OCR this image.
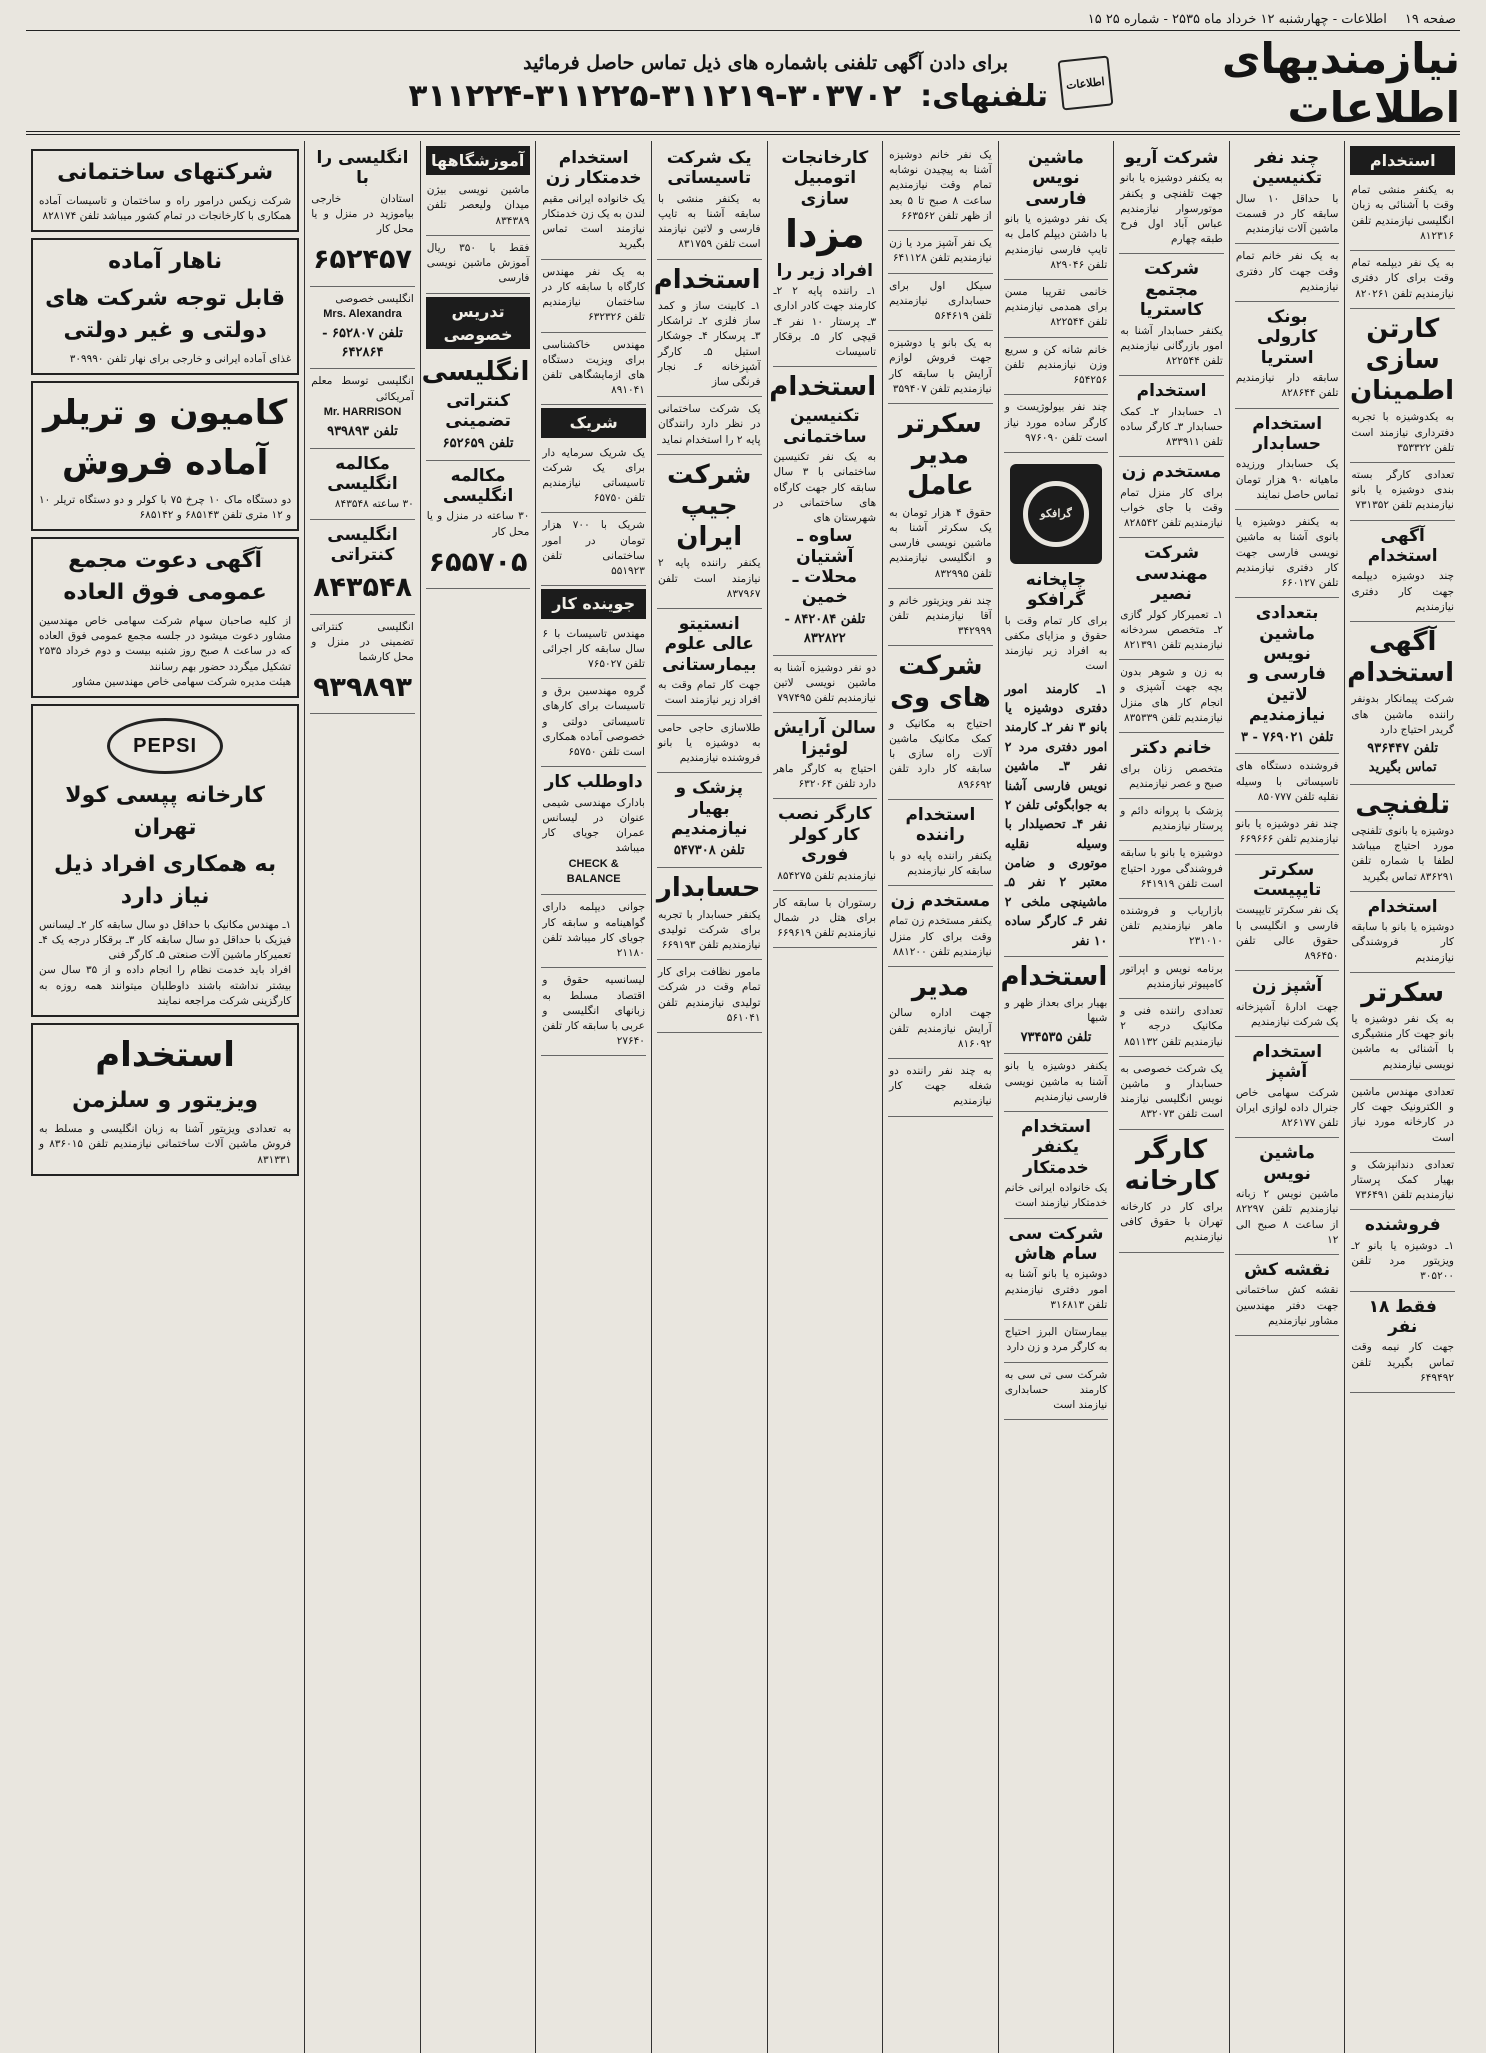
صفحه ۱۹
اطلاعات - چهارشنبه ۱۲ خرداد ماه ۲۵۳۵ - شماره ۲۵ ۱۵
نیازمندیهای اطلاعات
اطلاعات
برای دادن آگهی تلفنی باشماره های ذیل تماس حاصل فرمائید
تلفنهای: ۳۰۳۷۰۲-۳۱۱۲۱۹-۳۱۱۲۲۵-۳۱۱۲۲۴
استخدام

به یکنفر منشی تمام وقت با آشنائی به زبان انگلیسی نیازمندیم تلفن ۸۱۲۳۱۶

به یک نفر دیپلمه تمام وقت برای کار دفتری نیازمندیم تلفن ۸۲۰۲۶۱

کارتن سازی اطمینان

به یکدوشیزه با تجربه دفترداری نیازمند است تلفن ۳۵۳۳۲۲

تعدادی کارگر بسته بندی دوشیزه یا بانو نیازمندیم تلفن ۷۳۱۳۵۲

آگهی استخدام

چند دوشیزه دیپلمه جهت کار دفتری نیازمندیم

آگهی استخدام

شرکت پیمانکار بدونفر راننده ماشین های گریدر احتیاج دارد

تلفن ۹۳۶۴۴۷ تماس بگیرید
تلفنچی

دوشیزه یا بانوی تلفنچی مورد احتیاج میباشد لطفا با شماره تلفن ۸۳۶۲۹۱ تماس بگیرید

استخدام

دوشیزه یا بانو با سابقه کار فروشندگی نیازمندیم

سکرتر

به یک نفر دوشیزه یا بانو جهت کار منشیگری با آشنائی به ماشین نویسی نیازمندیم

تعدادی مهندس ماشین و الکترونیک جهت کار در کارخانه مورد نیاز است

تعدادی دندانپزشک و بهیار کمک پرستار نیازمندیم تلفن ۷۳۶۴۹۱

فروشنده

۱ـ دوشیزه یا بانو ۲ـ ویزیتور مرد تلفن ۳۰۵۲۰۰

فقط ۱۸ نفر

جهت کار نیمه وقت تماس بگیرید تلفن ۶۴۹۴۹۲

چند نفر تکنیسین

با حداقل ۱۰ سال سابقه کار در قسمت ماشین آلات نیازمندیم

به یک نفر خانم تمام وقت جهت کار دفتری نیازمندیم

بونک کارولی استریا

سابقه دار نیازمندیم تلفن ۸۲۸۶۴۴

استخدام حسابدار

یک حسابدار ورزیده ماهیانه ۹۰ هزار تومان تماس حاصل نمایند

به یکنفر دوشیزه یا بانوی آشنا به ماشین نویسی فارسی جهت کار دفتری نیازمندیم تلفن ۶۶۰۱۲۷

بتعدادی ماشین نویس فارسی و لاتین نیازمندیم
تلفن ۷۶۹۰۲۱ - ۳

فروشنده دستگاه های تاسیساتی با وسیله نقلیه تلفن ۸۵۰۷۷۷

چند نفر دوشیزه یا بانو نیازمندیم تلفن ۶۶۹۶۶۶

سکرتر تایپیست

یک نفر سکرتر تایپیست فارسی و انگلیسی با حقوق عالی تلفن ۸۹۶۴۵۰

آشپز زن

جهت ادارهٔ آشپزخانه یک شرکت نیازمندیم

استخدام آشپز

شرکت سهامی خاص جنرال داده لوازی ایران تلفن ۸۲۶۱۷۷

ماشین نویس

ماشین نویس ۲ زبانه نیازمندیم تلفن ۸۲۲۹۷ از ساعت ۸ صبح الی ۱۲

نقشه کش

نقشه کش ساختمانی جهت دفتر مهندسین مشاور نیازمندیم

شرکت آریو

به یکنفر دوشیزه یا بانو جهت تلفنچی و یکنفر موتورسوار نیازمندیم عباس آباد اول فرح طبقه چهارم

شرکت مجتمع کاستریا

یکنفر حسابدار آشنا به امور بازرگانی نیازمندیم تلفن ۸۲۲۵۴۴

استخدام

۱ـ حسابدار ۲ـ کمک حسابدار ۳ـ کارگر ساده تلفن ۸۳۳۹۱۱

مستخدم زن

برای کار منزل تمام وقت با جای خواب نیازمندیم تلفن ۸۲۸۵۴۲

شرکت مهندسی نصیر

۱ـ تعمیرکار کولر گازی ۲ـ متخصص سردخانه نیازمندیم تلفن ۸۲۱۳۹۱

به زن و شوهر بدون بچه جهت آشپزی و انجام کار های منزل نیازمندیم تلفن ۸۳۵۳۳۹

خانم دکتر

متخصص زنان برای صبح و عصر نیازمندیم

پزشک با پروانه دائم و پرستار نیازمندیم

دوشیزه یا بانو با سابقه فروشندگی مورد احتیاج است تلفن ۶۴۱۹۱۹

بازاریاب و فروشنده ماهر نیازمندیم تلفن ۲۳۱۰۱۰

برنامه نویس و اپراتور کامپیوتر نیازمندیم

تعدادی راننده فنی و مکانیک درجه ۲ نیازمندیم تلفن ۸۵۱۱۳۲

یک شرکت خصوصی به حسابدار و ماشین نویس انگلیسی نیازمند است تلفن ۸۳۲۰۷۳

کارگر کارخانه

برای کار در کارخانه تهران با حقوق کافی نیازمندیم

ماشین نویس فارسی

یک نفر دوشیزه یا بانو با داشتن دیپلم کامل به تایپ فارسی نیازمندیم تلفن ۸۲۹۰۴۶

خانمی تقریبا مسن برای همدمی نیازمندیم تلفن ۸۲۲۵۴۴

خانم شانه کن و سریع وزن نیازمندیم تلفن ۶۵۴۲۵۶

چند نفر بیولوژیست و کارگر ساده مورد نیاز است تلفن ۹۷۶۰۹۰

گرافکو
چاپخانه گرافکو

برای کار تمام وقت با حقوق و مزایای مکفی به افراد زیر نیازمند است

۱ـ کارمند امور دفتری دوشیزه یا بانو ۳ نفر ۲ـ کارمند امور دفتری مرد ۲ نفر ۳ـ ماشین نویس فارسی آشنا به جوابگوئی تلفن ۲ نفر ۴ـ تحصیلدار با وسیله نقلیه موتوری و ضامن معتبر ۲ نفر ۵ـ ماشینچی ملخی ۲ نفر ۶ـ کارگر ساده ۱۰ نفر

استخدام

بهیار برای بعداز ظهر و شبها

تلفن ۷۳۴۵۳۵

یکنفر دوشیزه یا بانو آشنا به ماشین نویسی فارسی نیازمندیم

استخدام یکنفر خدمتکار

یک خانواده ایرانی خانم خدمتکار نیازمند است

شرکت سی سام هاش

دوشیزه یا بانو آشنا به امور دفتری نیازمندیم تلفن ۳۱۶۸۱۳

بیمارستان البرز احتیاج به کارگر مرد و زن دارد

شرکت سی تی سی به کارمند حسابداری نیازمند است

یک نفر خانم دوشیزه آشنا به پیچیدن نوشابه تمام وقت نیازمندیم ساعت ۸ صبح تا ۵ بعد از ظهر تلفن ۶۶۳۵۶۲

یک نفر آشپز مرد یا زن نیازمندیم تلفن ۶۴۱۱۲۸

سیکل اول برای حسابداری نیازمندیم تلفن ۵۶۴۶۱۹

به یک بانو یا دوشیزه جهت فروش لوازم آرایش با سابقه کار نیازمندیم تلفن ۳۵۹۴۰۷

سکرتر مدیر عامل

حقوق ۴ هزار تومان به یک سکرتر آشنا به ماشین نویسی فارسی و انگلیسی نیازمندیم تلفن ۸۳۲۹۹۵

چند نفر ویزیتور خانم و آقا نیازمندیم تلفن ۳۴۲۹۹۹

شرکت های وی

احتیاج به مکانیک و کمک مکانیک ماشین آلات راه سازی با سابقه کار دارد تلفن ۸۹۶۶۹۲

استخدام راننده

یکنفر راننده پایه دو با سابقه کار نیازمندیم

مستخدم زن

یکنفر مستخدم زن تمام وقت برای کار منزل نیازمندیم تلفن ۸۸۱۲۰۰

مدیر

جهت اداره سالن آرایش نیازمندیم تلفن ۸۱۶۰۹۲

به چند نفر راننده دو شغله جهت کار نیازمندیم

کارخانجات اتومبیل سازی
مزدا
افراد زیر را

۱ـ راننده پایه ۲ ۲ـ کارمند جهت کادر اداری ۳ـ پرستار ۱۰ نفر ۴ـ قیچی کار ۵ـ برقکار تاسیسات

استخدام
تکنیسین ساختمانی

به یک نفر تکنیسین ساختمانی با ۳ سال سابقه کار جهت کارگاه های ساختمانی در شهرستان های

ساوه ـ آشتیان محلات ـ خمین
تلفن ۸۴۲۰۸۴ - ۸۳۲۸۲۲

دو نفر دوشیزه آشنا به ماشین نویسی لاتین نیازمندیم تلفن ۷۹۷۴۹۵

سالن آرایش لوئیزا

احتیاج به کارگر ماهر دارد تلفن ۶۳۲۰۶۴

کارگر نصب کار کولر فوری

نیازمندیم تلفن ۸۵۴۲۷۵

رستوران با سابقه کار برای هتل در شمال نیازمندیم تلفن ۶۶۹۶۱۹

یک شرکت تاسیساتی

به یکنفر منشی با سابقه آشنا به تایپ فارسی و لاتین نیازمند است تلفن ۸۳۱۷۵۹

استخدام

۱ـ کابینت ساز و کمد ساز فلزی ۲ـ تراشکار ۳ـ پرسکار ۴ـ جوشکار استیل ۵ـ کارگر آشپزخانه ۶ـ نجار فرنگی ساز

یک شرکت ساختمانی در نظر دارد رانندگان پایه ۲ را استخدام نماید

شرکت جیپ ایران

یکنفر راننده پایه ۲ نیازمند است تلفن ۸۳۷۹۶۷

انستیتو عالی علوم بیمارستانی

جهت کار تمام وقت به افراد زیر نیازمند است

طلاسازی حاجی حامی به دوشیزه یا بانو فروشنده نیازمندیم

پزشک و بهیار نیازمندیم
تلفن ۵۴۷۳۰۸
حسابدار

یکنفر حسابدار با تجربه برای شرکت تولیدی نیازمندیم تلفن ۶۶۹۱۹۳

مامور نظافت برای کار تمام وقت در شرکت تولیدی نیازمندیم تلفن ۵۶۱۰۴۱

استخدام خدمتکار زن

یک خانواده ایرانی مقیم لندن به یک زن خدمتکار نیازمند است تماس بگیرید

به یک نفر مهندس کارگاه با سابقه کار در ساختمان نیازمندیم تلفن ۶۳۲۳۲۶

مهندس خاکشناسی برای ویزیت دستگاه های ازمایشگاهی تلفن ۸۹۱۰۴۱

شریک

یک شریک سرمایه دار برای یک شرکت تاسیساتی نیازمندیم تلفن ۶۵۷۵۰

شریک با ۷۰۰ هزار تومان در امور ساختمانی تلفن ۵۵۱۹۲۳

جوینده کار

مهندس تاسیسات با ۶ سال سابقه کار اجرائی تلفن ۷۶۵۰۲۷

گروه مهندسین برق و تاسیسات برای کارهای تاسیساتی دولتی و خصوصی آماده همکاری است تلفن ۶۵۷۵۰

داوطلب کار

بادارک مهندسی شیمی عنوان در لیسانس عمران جویای کار میباشد

CHECK & BALANCE

جوانی دیپلمه دارای گواهینامه و سابقه کار جویای کار میباشد تلفن ۲۱۱۸۰

لیسانسیه حقوق و اقتصاد مسلط به زبانهای انگلیسی و عربی با سابقه کار تلفن ۲۷۶۴۰

آموزشگاهها

ماشین نویسی بیژن میدان ولیعصر تلفن ۸۳۴۳۸۹

فقط با ۳۵۰ ریال آموزش ماشین نویسی فارسی

تدریس خصوصی
انگلیسی
کنتراتی تضمینی
تلفن ۶۵۲۶۵۹
مکالمه انگلیسی

۳۰ ساعته در منزل و یا محل کار

۶۵۵۷۰۵
انگلیسی را با

استادان خارجی بیاموزید در منزل و یا محل کار

۶۵۲۴۵۷

انگلیسی خصوصی

Mrs. Alexandra
تلفن ۶۵۲۸۰۷ - ۶۴۲۸۶۴

انگلیسی توسط معلم آمریکائی

Mr. HARRISON
تلفن ۹۳۹۸۹۳
مکالمه انگلیسی

۳۰ ساعته ۸۴۳۵۴۸

انگلیسی کنتراتی
۸۴۳۵۴۸

انگلیسی کنتراتی تضمینی در منزل و محل کارشما

۹۳۹۸۹۳
شرکتهای ساختمانی

شرکت زیکس درامور راه و ساختمان و تاسیسات آماده همکاری با کارخانجات در تمام کشور میباشد تلفن ۸۲۸۱۷۴

ناهار آماده
قابل توجه شرکت های دولتی و غیر دولتی

غذای آماده ایرانی و خارجی برای نهار تلفن ۳۰۹۹۹۰

کامیون و تریلر آماده فروش

دو دستگاه ماک ۱۰ چرخ ۷۵ با کولر و دو دستگاه تریلر ۱۰ و ۱۲ متری تلفن ۶۸۵۱۴۳ و ۶۸۵۱۴۲

آگهی دعوت مجمع عمومی فوق العاده

از کلیه صاحبان سهام شرکت سهامی خاص مهندسین مشاور دعوت میشود در جلسه مجمع عمومی فوق العاده که در ساعت ۸ صبح روز شنبه بیست و دوم خرداد ۲۵۳۵ تشکیل میگردد حضور بهم رسانند

هیئت مدیره شرکت سهامی خاص مهندسین مشاور

PEPSI
کارخانه پپسی کولا تهران
به همکاری افراد ذیل نیاز دارد

۱ـ مهندس مکانیک با حداقل دو سال سابقه کار ۲ـ لیسانس فیزیک با حداقل دو سال سابقه کار ۳ـ برقکار درجه یک ۴ـ تعمیرکار ماشین آلات صنعتی ۵ـ کارگر فنی

افراد باید خدمت نظام را انجام داده و از ۳۵ سال سن بیشتر نداشته باشند داوطلبان میتوانند همه روزه به کارگزینی شرکت مراجعه نمایند

استخدام
ویزیتور و سلزمن

به تعدادی ویزیتور آشنا به زبان انگلیسی و مسلط به فروش ماشین آلات ساختمانی نیازمندیم تلفن ۸۳۶۰۱۵ و ۸۳۱۳۳۱
